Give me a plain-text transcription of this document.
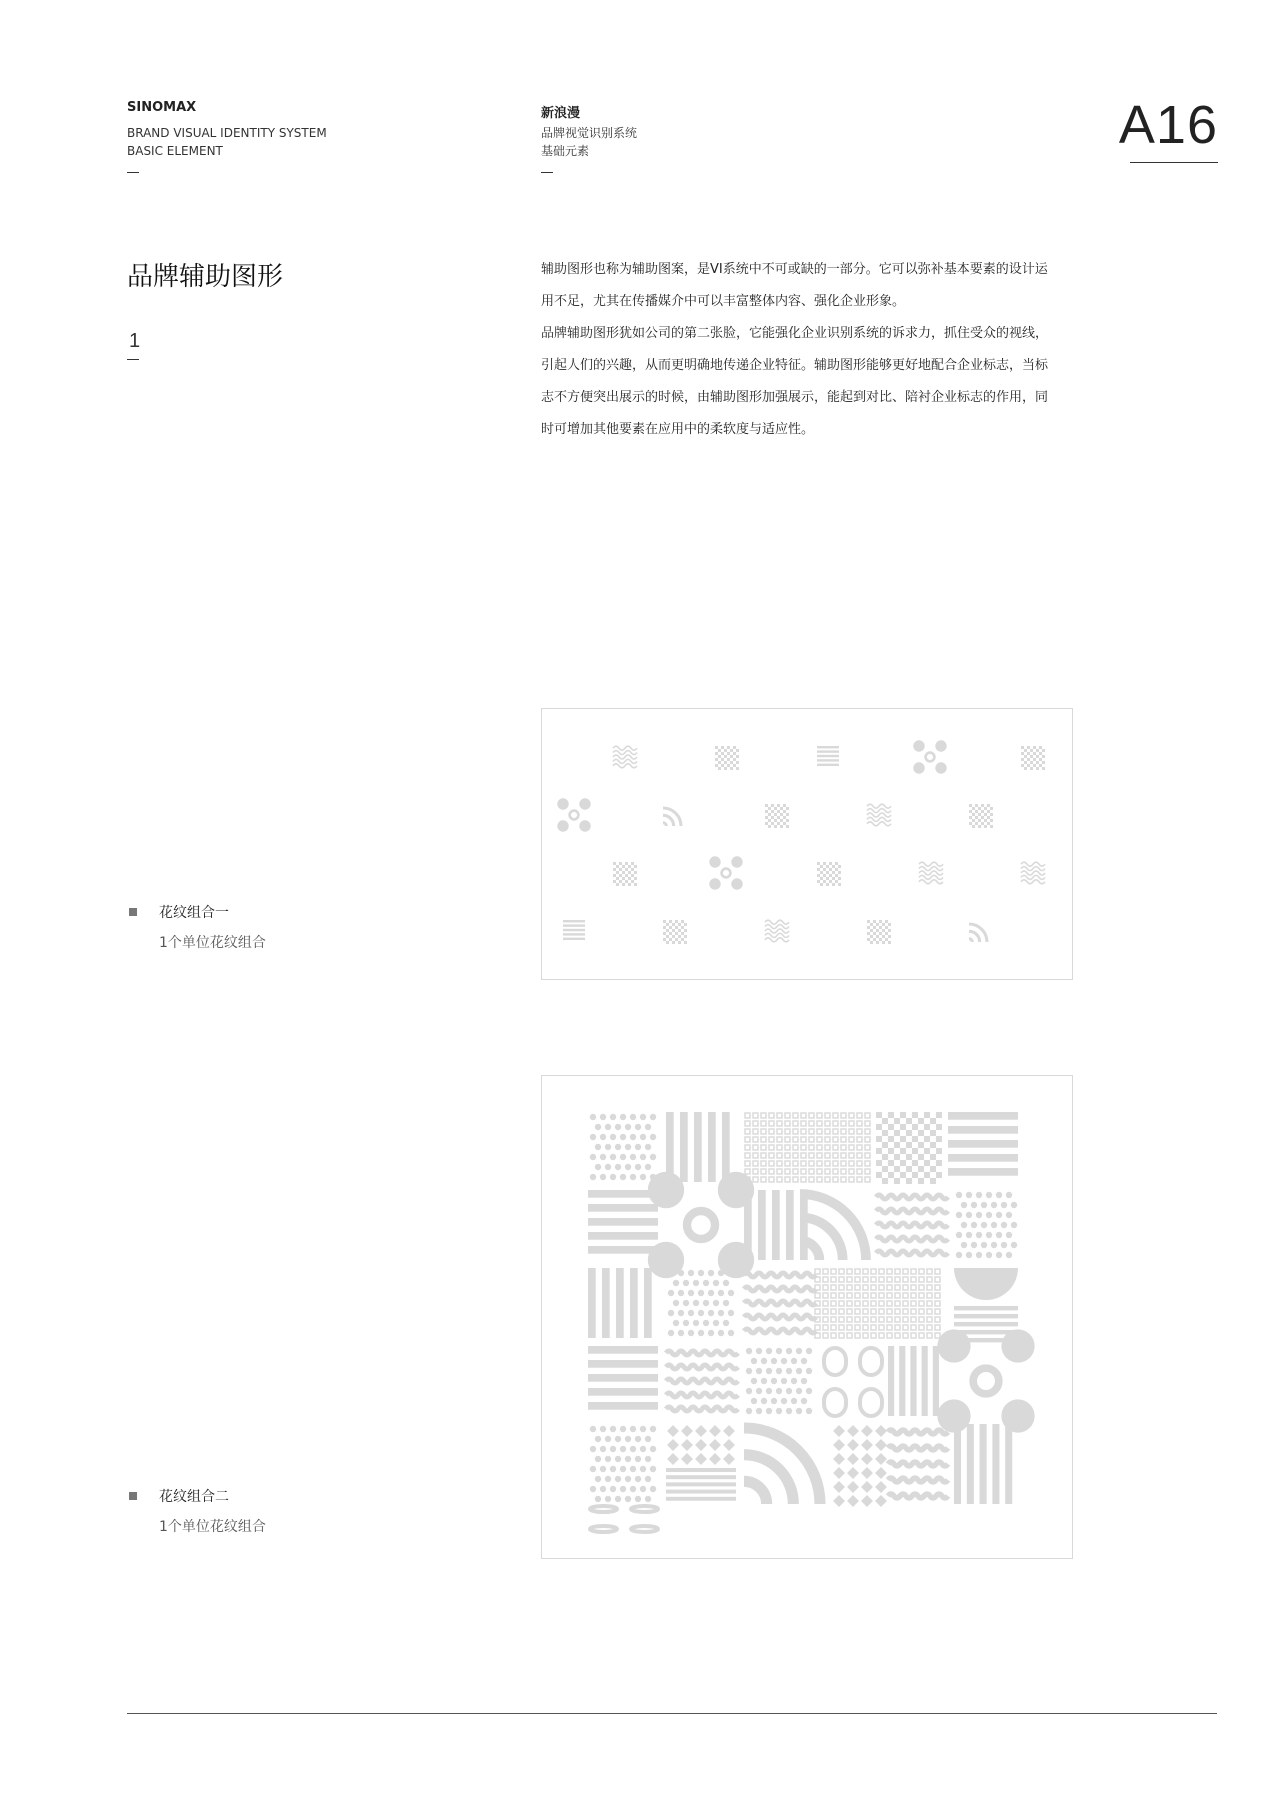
SINOMAX
BRAND VISUAL IDENTITY SYSTEM
BASIC ELEMENT
新浪漫
品牌视觉识别系统
基础元素	A16
品牌辅助图形
1
辅助图形也称为辅助图案，是VI系统中不可或缺的一部分。它可以弥补基本要素的设计运
用不足，尤其在传播媒介中可以丰富整体内容、强化企业形象。
品牌辅助图形犹如公司的第二张脸，它能强化企业识别系统的诉求力，抓住受众的视线，
引起人们的兴趣，从而更明确地传递企业特征。辅助图形能够更好地配合企业标志，当标
志不方便突出展示的时候，由辅助图形加强展示，能起到对比、陪衬企业标志的作用，同
时可增加其他要素在应用中的柔软度与适应性。
花纹组合一
1个单位花纹组合
花纹组合二
1个单位花纹组合
